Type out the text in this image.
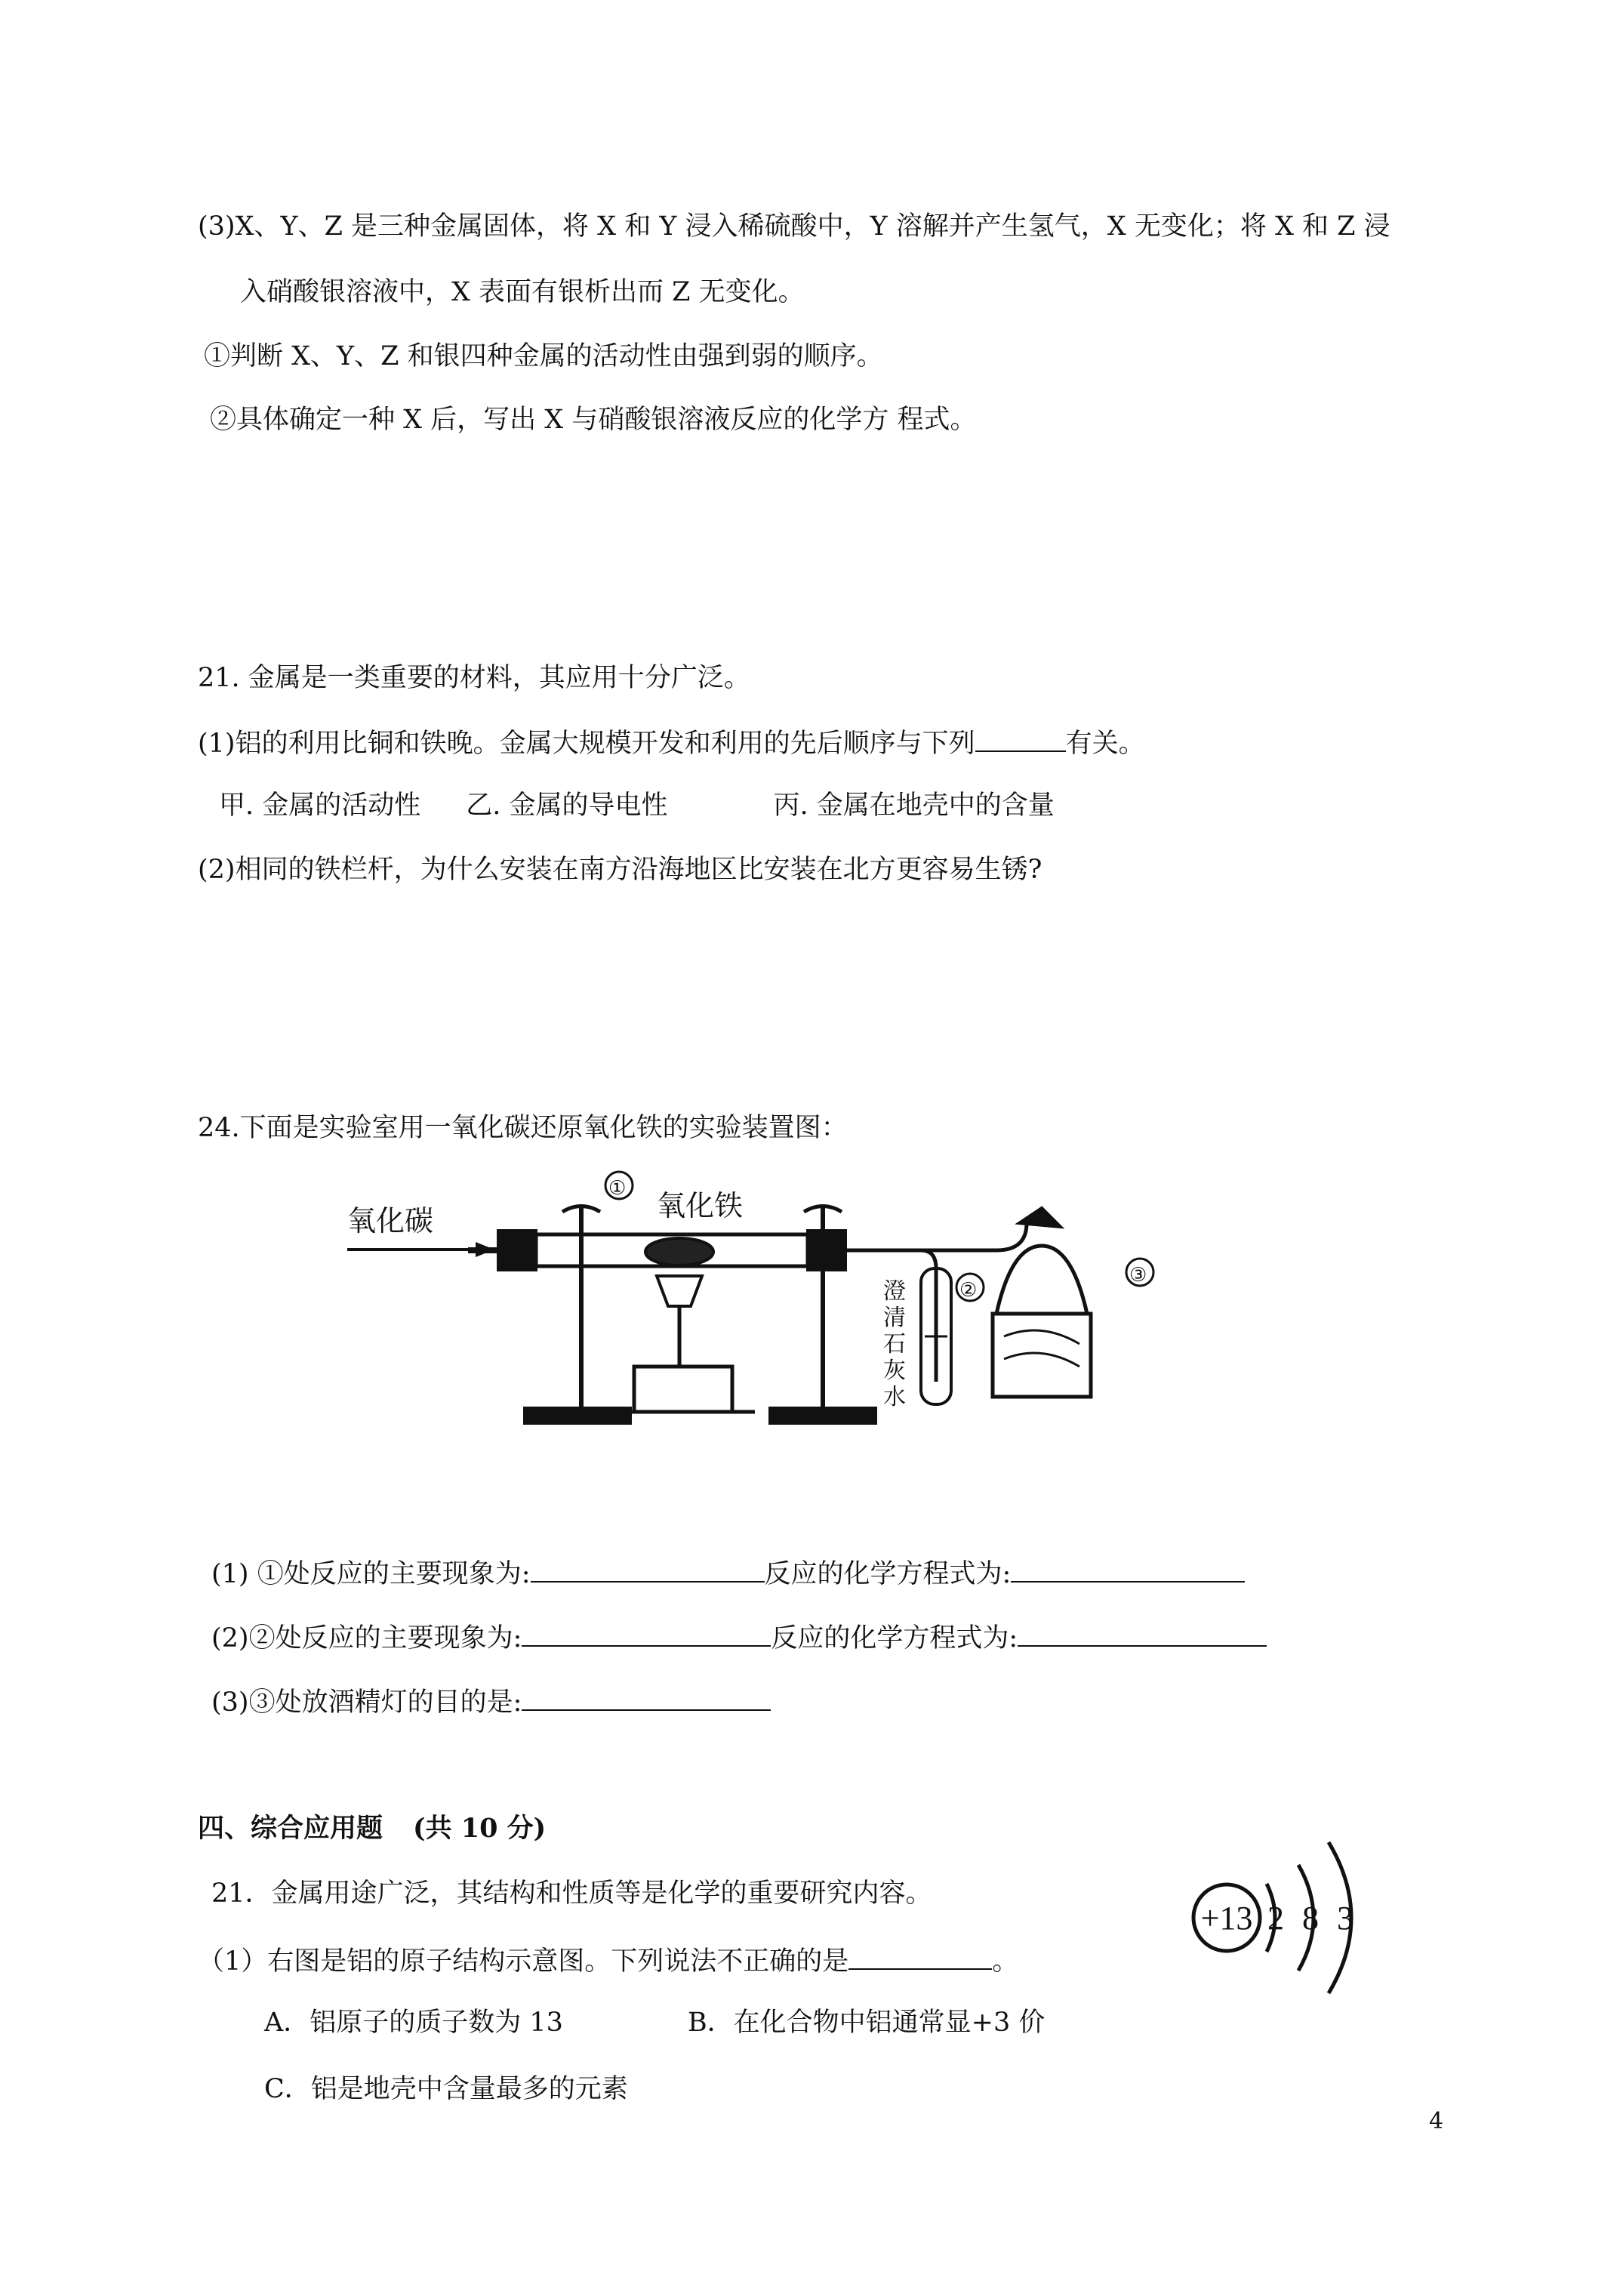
(3)X、Y、Z 是三种金属固体，将 X 和 Y 浸入稀硫酸中，Y 溶解并产生氢气，X 无变化；将 X 和 Z 浸
入硝酸银溶液中，X 表面有银析出而 Z 无变化。
①判断 X、Y、Z 和银四种金属的活动性由强到弱的顺序。
②具体确定一种 X 后，写出 X 与硝酸银溶液反应的化学方 程式。
21. 金属是一类重要的材料，其应用十分广泛。
(1)铝的利用比铜和铁晚。金属大规模开发和利用的先后顺序与下列	有关。
甲. 金属的活动性 乙. 金属的导电性	丙. 金属在地壳中的含量
(2)相同的铁栏杆，为什么安装在南方沿海地区比安装在北方更容易生锈?
24.下面是实验室用一氧化碳还原氧化铁的实验装置图：
氧化碳	氧化铁
①
②
③
澄
清
石
灰
水
(1) ①处反应的主要现象为:	反应的化学方程式为:
(2)②处反应的主要现象为:	反应的化学方程式为:
(3)③处放酒精灯的目的是:
四、综合应用题 (共 10 分)
21．金属用途广泛，其结构和性质等是化学的重要研究内容。
（1）右图是铝的原子结构示意图。下列说法不正确的是	。
A．铝原子的质子数为 13	B．在化合物中铝通常显+3 价
C．铝是地壳中含量最多的元素
+13 2 8 3
4
